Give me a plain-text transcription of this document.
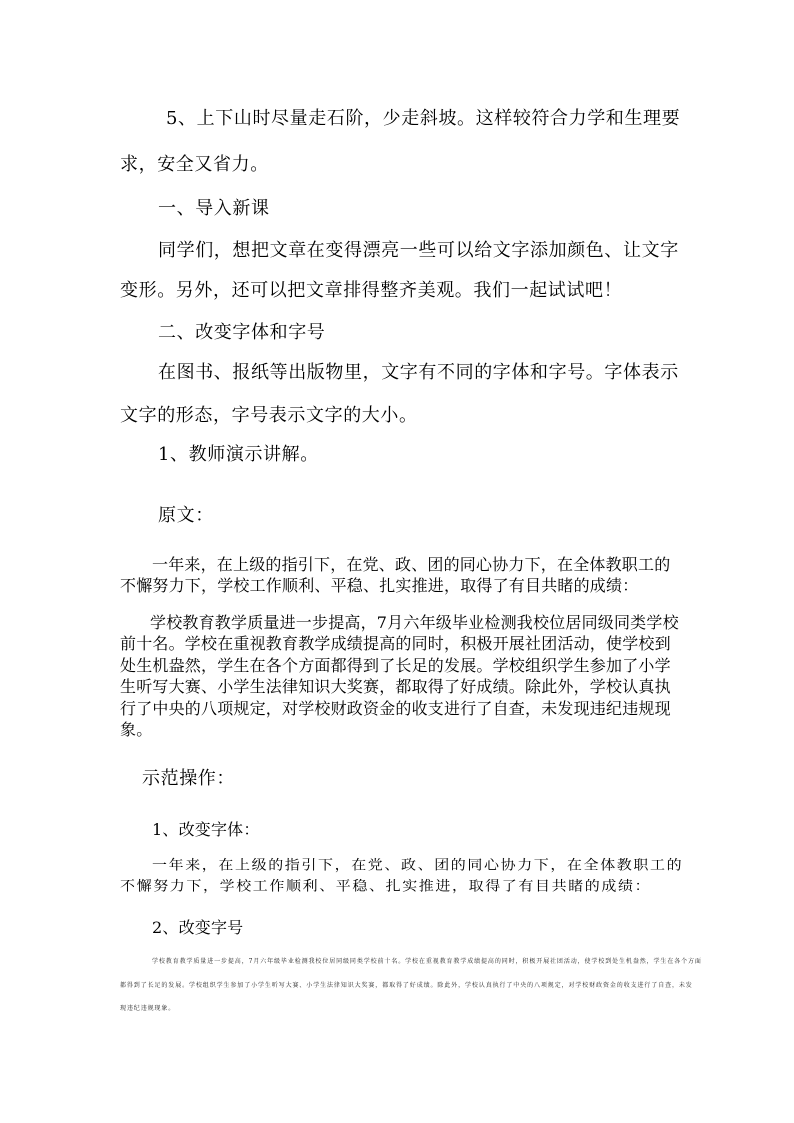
5、上下山时尽量走石阶，少走斜坡。这样较符合力学和生理要

求，安全又省力。

一、导入新课

同学们，想把文章在变得漂亮一些可以给文字添加颜色、让文字

变形。另外，还可以把文章排得整齐美观。我们一起试试吧！

二、改变字体和字号

在图书、报纸等出版物里，文字有不同的字体和字号。字体表示

文字的形态，字号表示文字的大小。

1、教师演示讲解。

原文：

一年来，在上级的指引下，在党、政、团的同心协力下，在全体教职工的

不懈努力下，学校工作顺利、平稳、扎实推进，取得了有目共睹的成绩：

学校教育教学质量进一步提高，7月六年级毕业检测我校位居同级同类学校

前十名。学校在重视教育教学成绩提高的同时，积极开展社团活动，使学校到

处生机盎然，学生在各个方面都得到了长足的发展。学校组织学生参加了小学

生听写大赛、小学生法律知识大奖赛，都取得了好成绩。除此外，学校认真执

行了中央的八项规定，对学校财政资金的收支进行了自查，未发现违纪违规现

象。

示范操作：

1、改变字体：

一年来，在上级的指引下，在党、政、团的同心协力下，在全体教职工的

不懈努力下，学校工作顺利、平稳、扎实推进，取得了有目共睹的成绩：

2、改变字号

学校教育教学质量进一步提高，7月六年级毕业检测我校位居同级同类学校前十名。学校在重视教育教学成绩提高的同时，积极开展社团活动，使学校到处生机盎然，学生在各个方面

都得到了长足的发展。学校组织学生参加了小学生听写大赛、小学生法律知识大奖赛，都取得了好成绩。除此外，学校认真执行了中央的八项规定，对学校财政资金的收支进行了自查，未发

现违纪违规现象。
